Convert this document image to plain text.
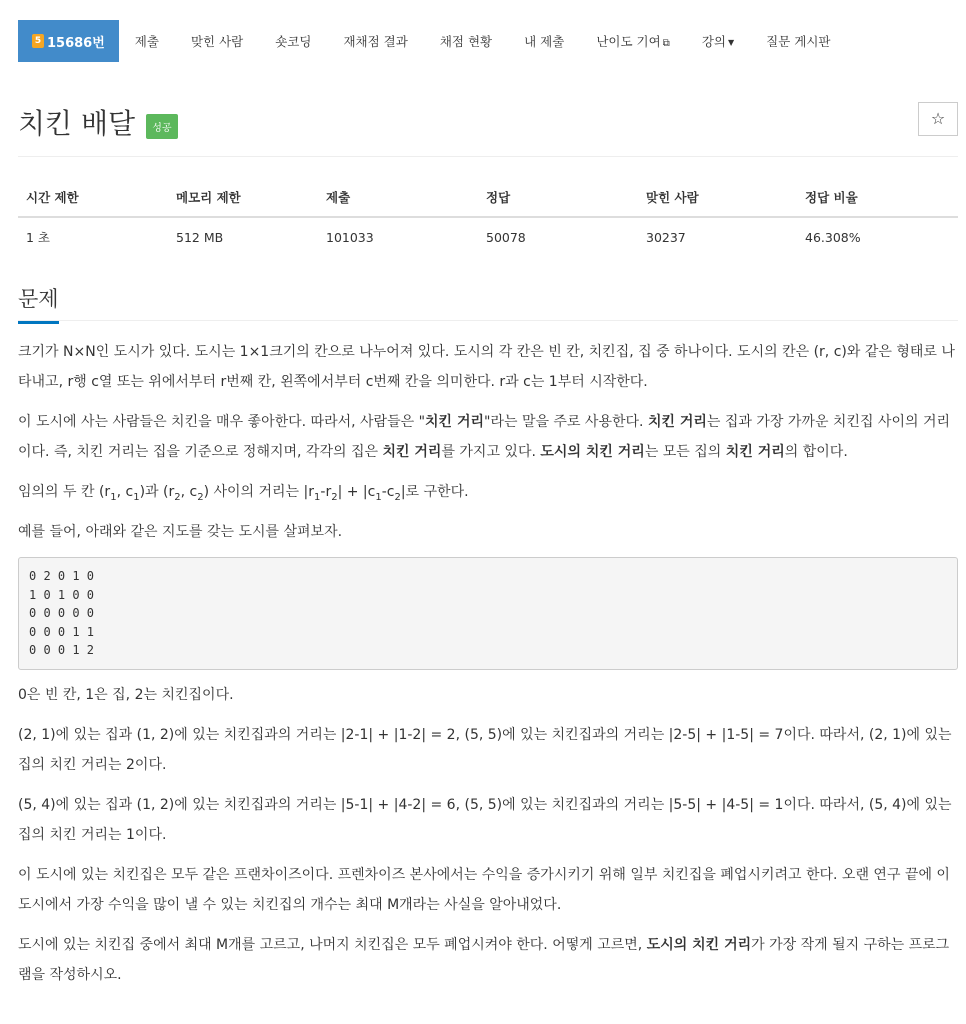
5 15686번	제출	맞힌 사람	숏코딩	재채점 결과	채점 현황	내 제출	난이도 기여 ⧉	강의 ▼	질문 게시판
치킨 배달 성공	☆
시간 제한	메모리 제한	제출	정답	맞힌 사람	정답 비율
1 초	512 MB	101033	50078	30237	46.308%
문제

크기가 N×N인 도시가 있다. 도시는 1×1크기의 칸으로 나누어져 있다. 도시의 각 칸은 빈 칸, 치킨집, 집 중 하나이다. 도시의 칸은 (r, c)와 같은 형태로 나타내고, r행 c열 또는 위에서부터 r번째 칸, 왼쪽에서부터 c번째 칸을 의미한다. r과 c는 1부터 시작한다.

이 도시에 사는 사람들은 치킨을 매우 좋아한다. 따라서, 사람들은 "치킨 거리"라는 말을 주로 사용한다. 치킨 거리는 집과 가장 가까운 치킨집 사이의 거리이다. 즉, 치킨 거리는 집을 기준으로 정해지며, 각각의 집은 치킨 거리를 가지고 있다. 도시의 치킨 거리는 모든 집의 치킨 거리의 합이다.

임의의 두 칸 ($r_1$, $c_1$)과 ($r_2$, $c_2$) 사이의 거리는 $|r_1-r_2| + |c_1-c_2|$로 구한다.

예를 들어, 아래와 같은 지도를 갖는 도시를 살펴보자.

0 2 0 1 0
1 0 1 0 0
0 0 0 0 0
0 0 0 1 1
0 0 0 1 2

0은 빈 칸, 1은 집, 2는 치킨집이다.

(2, 1)에 있는 집과 (1, 2)에 있는 치킨집과의 거리는 |2-1| + |1-2| = 2, (5, 5)에 있는 치킨집과의 거리는 |2-5| + |1-5| = 7이다. 따라서, (2, 1)에 있는 집의 치킨 거리는 2이다.

(5, 4)에 있는 집과 (1, 2)에 있는 치킨집과의 거리는 |5-1| + |4-2| = 6, (5, 5)에 있는 치킨집과의 거리는 |5-5| + |4-5| = 1이다. 따라서, (5, 4)에 있는 집의 치킨 거리는 1이다.

이 도시에 있는 치킨집은 모두 같은 프랜차이즈이다. 프렌차이즈 본사에서는 수익을 증가시키기 위해 일부 치킨집을 폐업시키려고 한다. 오랜 연구 끝에 이 도시에서 가장 수익을 많이 낼 수 있는 치킨집의 개수는 최대 M개라는 사실을 알아내었다.

도시에 있는 치킨집 중에서 최대 M개를 고르고, 나머지 치킨집은 모두 폐업시켜야 한다. 어떻게 고르면, 도시의 치킨 거리가 가장 작게 될지 구하는 프로그램을 작성하시오.
